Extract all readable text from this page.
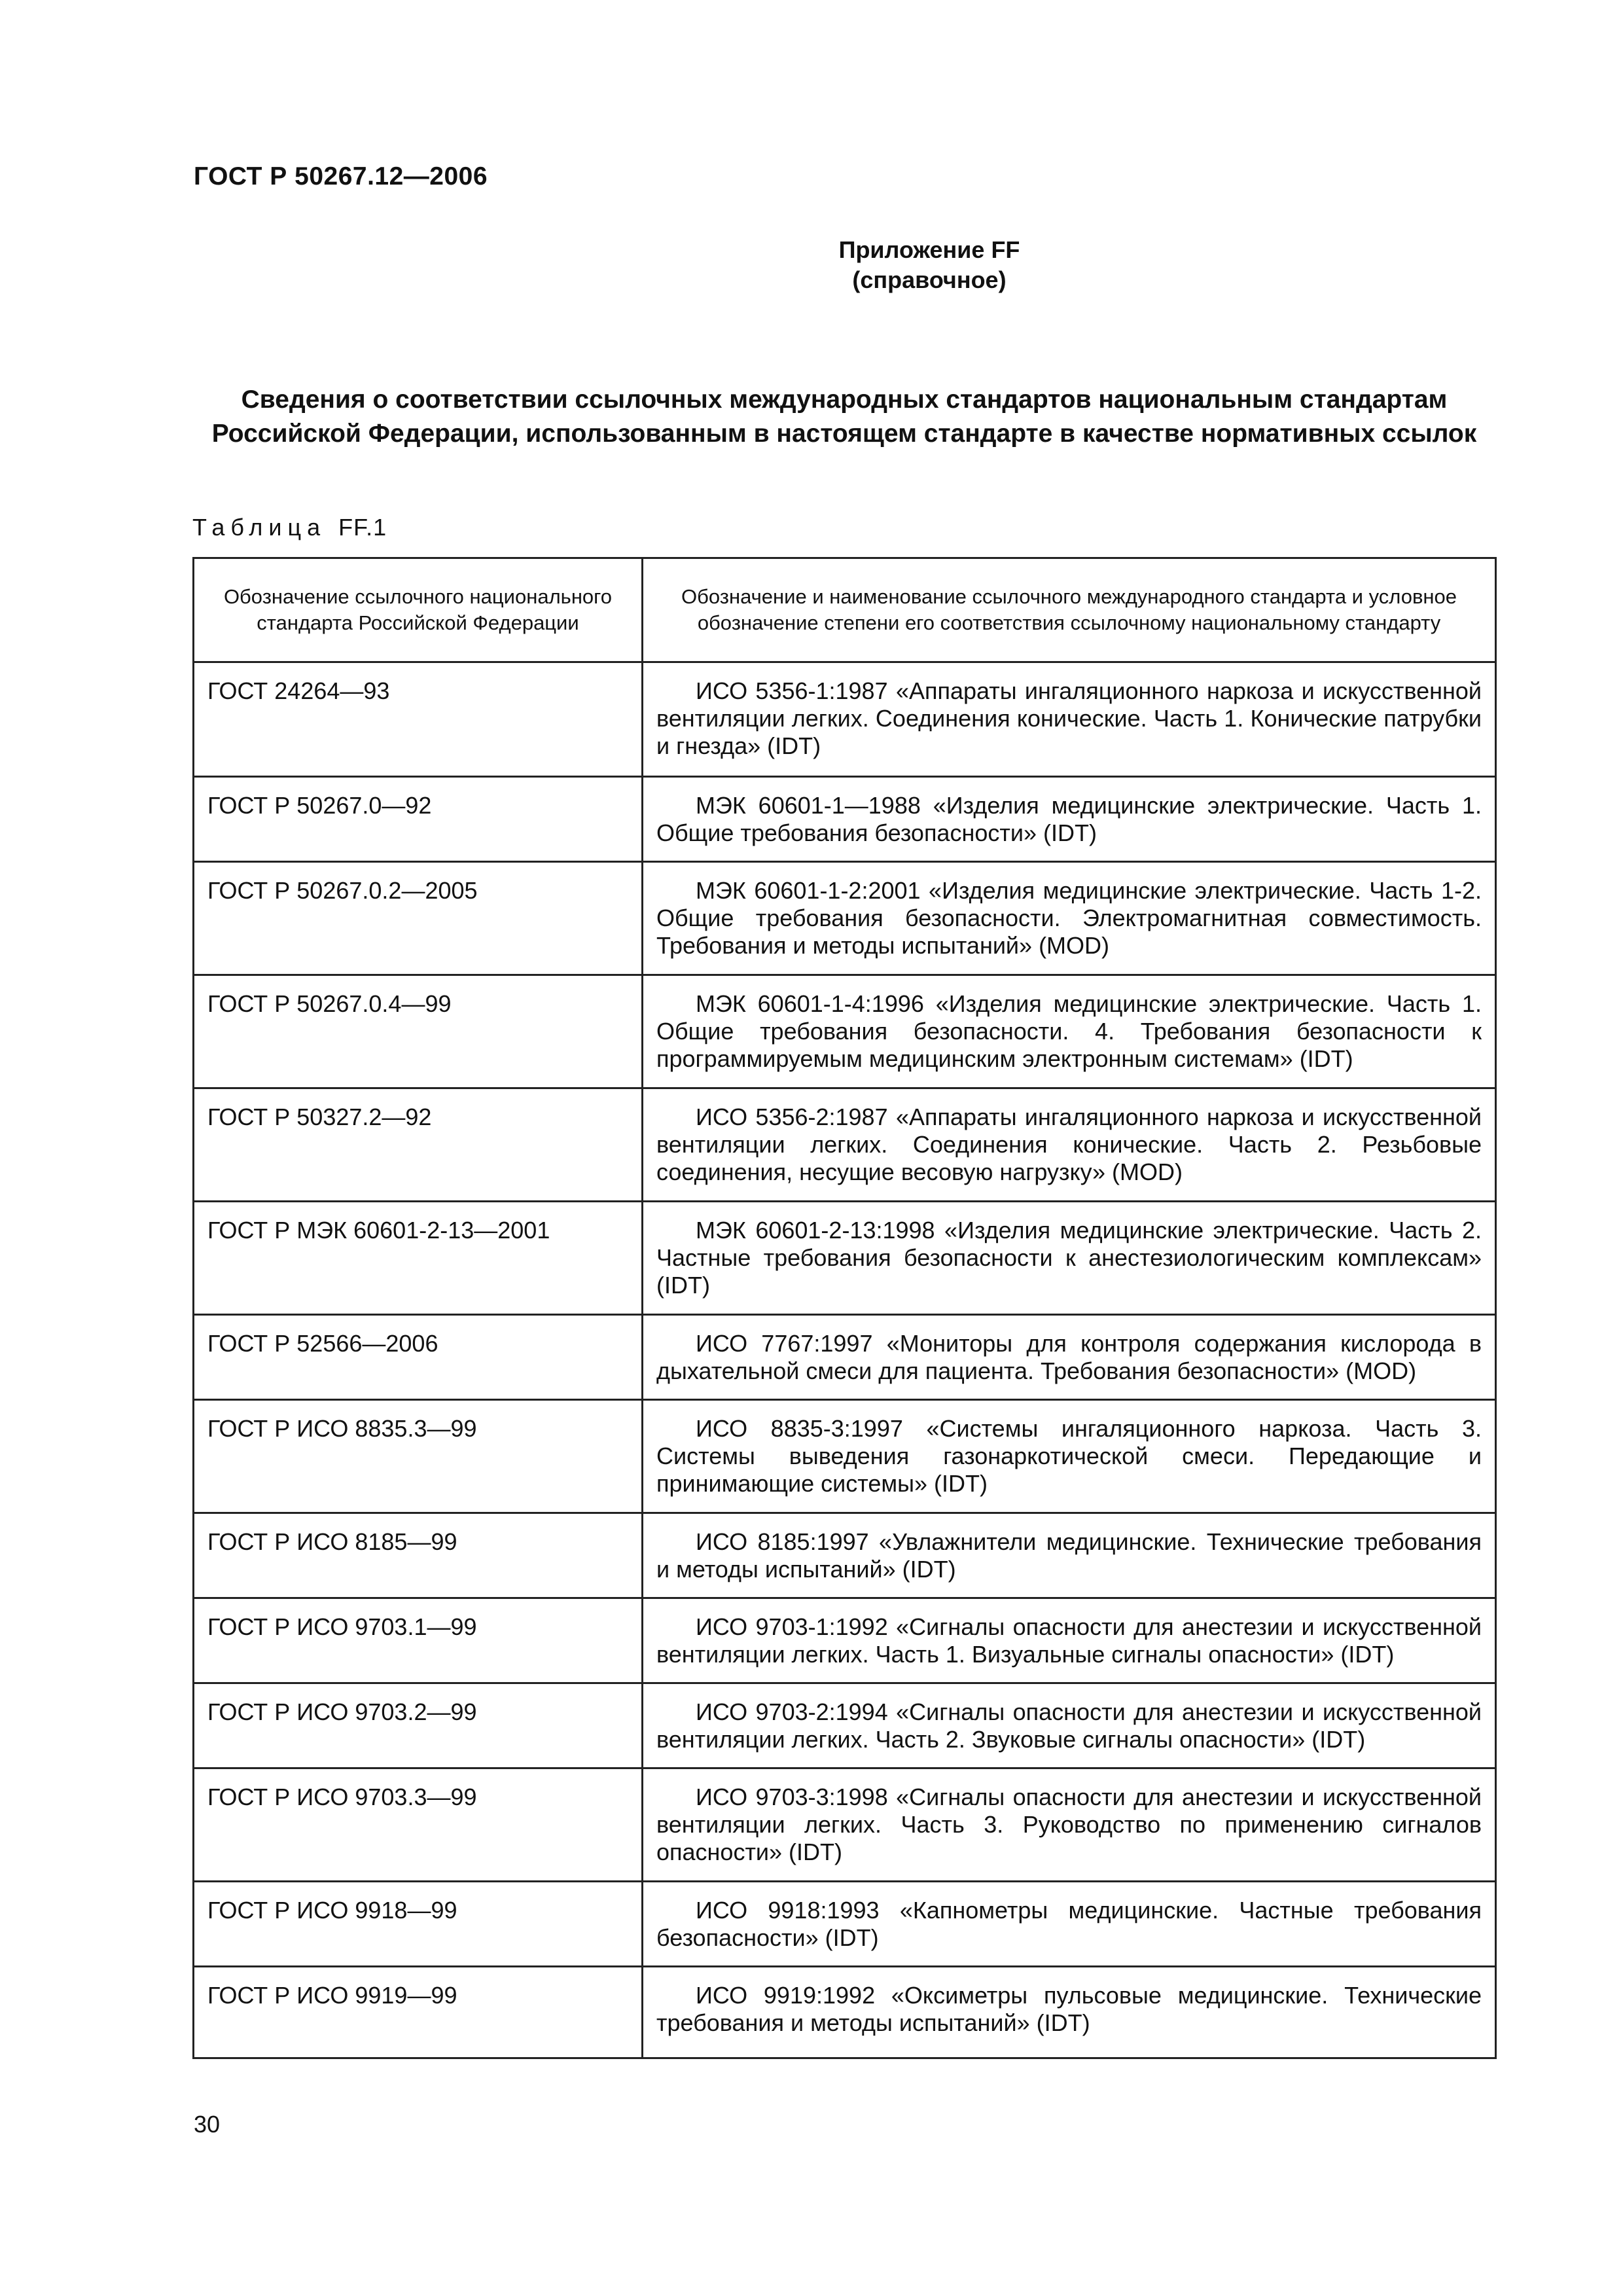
ГОСТ Р 50267.12—2006
Приложение FF
(справочное)
Сведения о соответствии ссылочных международных стандартов национальным стандартам Российской Федерации, использованным в настоящем стандарте в качестве нормативных ссылок
Таблица FF.1
Обозначение ссылочного национального стандарта Российской Федерации	Обозначение и наименование ссылочного международного стандарта и условное обозначение степени его соответствия ссылочному национальному стандарту
ГОСТ 24264—93	ИСО 5356-1:1987 «Аппараты ингаляционного наркоза и искусственной вентиляции легких. Соединения конические. Часть 1. Конические патрубки и гнезда» (IDT)
ГОСТ Р 50267.0—92	МЭК 60601-1—1988 «Изделия медицинские электрические. Часть 1. Общие требования безопасности» (IDT)
ГОСТ Р 50267.0.2—2005	МЭК 60601-1-2:2001 «Изделия медицинские электрические. Часть 1-2. Общие требования безопасности. Электромагнитная совместимость. Требования и методы испытаний» (MOD)
ГОСТ Р 50267.0.4—99	МЭК 60601-1-4:1996 «Изделия медицинские электрические. Часть 1. Общие требования безопасности. 4. Требования безопасности к программируемым медицинским электронным системам» (IDT)
ГОСТ Р 50327.2—92	ИСО 5356-2:1987 «Аппараты ингаляционного наркоза и искусственной вентиляции легких. Соединения конические. Часть 2. Резьбовые соединения, несущие весовую нагрузку» (MOD)
ГОСТ Р МЭК 60601-2-13—2001	МЭК 60601-2-13:1998 «Изделия медицинские электрические. Часть 2. Частные требования безопасности к анестезиологическим комплексам» (IDT)
ГОСТ Р 52566—2006	ИСО 7767:1997 «Мониторы для контроля содержания кислорода в дыхательной смеси для пациента. Требования безопасности» (MOD)
ГОСТ Р ИСО 8835.3—99	ИСО 8835-3:1997 «Системы ингаляционного наркоза. Часть 3. Системы выведения газонаркотической смеси. Передающие и принимающие системы» (IDT)
ГОСТ Р ИСО 8185—99	ИСО 8185:1997 «Увлажнители медицинские. Технические требования и методы испытаний» (IDT)
ГОСТ Р ИСО 9703.1—99	ИСО 9703-1:1992 «Сигналы опасности для анестезии и искусственной вентиляции легких. Часть 1. Визуальные сигналы опасности» (IDT)
ГОСТ Р ИСО 9703.2—99	ИСО 9703-2:1994 «Сигналы опасности для анестезии и искусственной вентиляции легких. Часть 2. Звуковые сигналы опасности» (IDT)
ГОСТ Р ИСО 9703.3—99	ИСО 9703-3:1998 «Сигналы опасности для анестезии и искусственной вентиляции легких. Часть 3. Руководство по применению сигналов опасности» (IDT)
ГОСТ Р ИСО 9918—99	ИСО 9918:1993 «Капнометры медицинские. Частные требования безопасности» (IDT)
ГОСТ Р ИСО 9919—99	ИСО 9919:1992 «Оксиметры пульсовые медицинские. Технические требования и методы испытаний» (IDT)
30
